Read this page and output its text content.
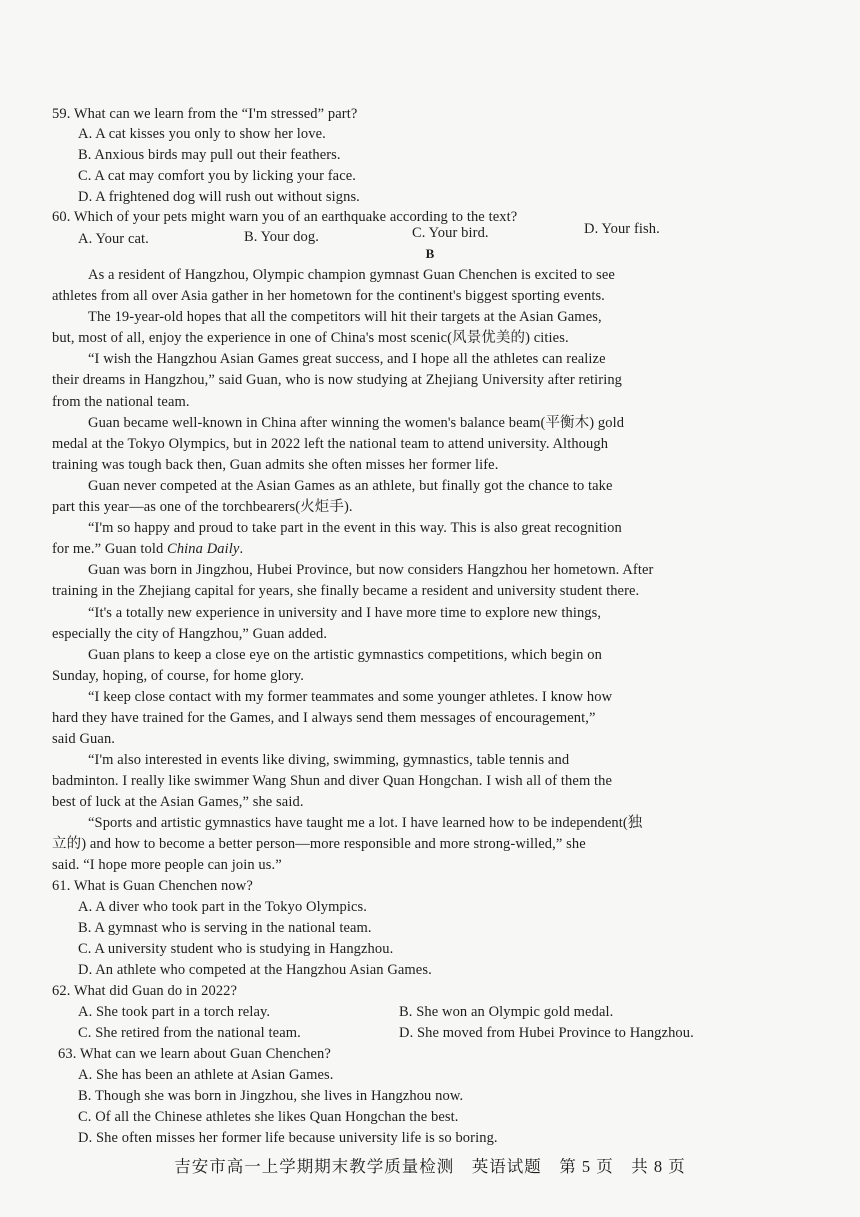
59. What can we learn from the “I'm stressed” part?
A. A cat kisses you only to show her love.
B. Anxious birds may pull out their feathers.
C. A cat may comfort you by licking your face.
D. A frightened dog will rush out without signs.
60. Which of your pets might warn you of an earthquake according to the text?
A. Your cat.	B. Your dog.	C. Your bird.	D. Your fish.
B
As a resident of Hangzhou, Olympic champion gymnast Guan Chenchen is excited to see
athletes from all over Asia gather in her hometown for the continent's biggest sporting events.
The 19-year-old hopes that all the competitors will hit their targets at the Asian Games,
but, most of all, enjoy the experience in one of China's most scenic(风景优美的) cities.
“I wish the Hangzhou Asian Games great success, and I hope all the athletes can realize
their dreams in Hangzhou,” said Guan, who is now studying at Zhejiang University after retiring
from the national team.
Guan became well-known in China after winning the women's balance beam(平衡木) gold
medal at the Tokyo Olympics, but in 2022 left the national team to attend university. Although
training was tough back then, Guan admits she often misses her former life.
Guan never competed at the Asian Games as an athlete, but finally got the chance to take
part this year—as one of the torchbearers(火炬手).
“I'm so happy and proud to take part in the event in this way. This is also great recognition
for me.” Guan told China Daily.
Guan was born in Jingzhou, Hubei Province, but now considers Hangzhou her hometown. After
training in the Zhejiang capital for years, she finally became a resident and university student there.
“It's a totally new experience in university and I have more time to explore new things,
especially the city of Hangzhou,” Guan added.
Guan plans to keep a close eye on the artistic gymnastics competitions, which begin on
Sunday, hoping, of course, for home glory.
“I keep close contact with my former teammates and some younger athletes. I know how
hard they have trained for the Games, and I always send them messages of encouragement,”
said Guan.
“I'm also interested in events like diving, swimming, gymnastics, table tennis and
badminton. I really like swimmer Wang Shun and diver Quan Hongchan. I wish all of them the
best of luck at the Asian Games,” she said.
“Sports and artistic gymnastics have taught me a lot. I have learned how to be independent(独
立的) and how to become a better person—more responsible and more strong-willed,” she
said. “I hope more people can join us.”
61. What is Guan Chenchen now?
A. A diver who took part in the Tokyo Olympics.
B. A gymnast who is serving in the national team.
C. A university student who is studying in Hangzhou.
D. An athlete who competed at the Hangzhou Asian Games.
62. What did Guan do in 2022?
A. She took part in a torch relay.	B. She won an Olympic gold medal.
C. She retired from the national team.	D. She moved from Hubei Province to Hangzhou.
63. What can we learn about Guan Chenchen?
A. She has been an athlete at Asian Games.
B. Though she was born in Jingzhou, she lives in Hangzhou now.
C. Of all the Chinese athletes she likes Quan Hongchan the best.
D. She often misses her former life because university life is so boring.
吉安市高一上学期期末教学质量检测　英语试题　第 5 页　共 8 页
